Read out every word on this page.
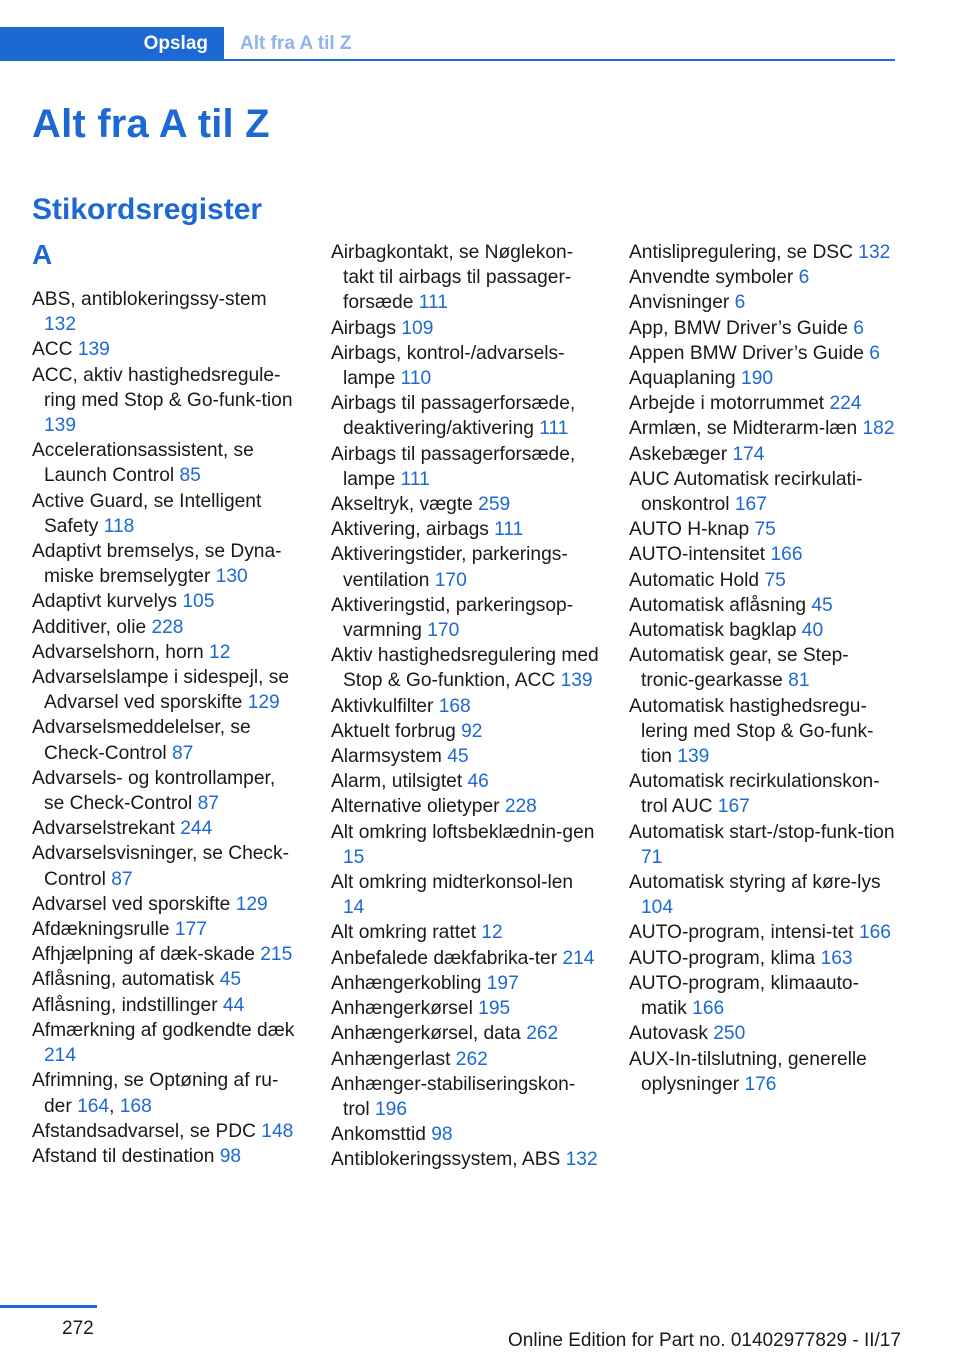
Opslag	Alt fra A til Z
Alt fra A til Z
Stikordsregister
A
ABS, antiblokeringssy-stem 132
ACC 139
ACC, aktiv hastighedsregule-ring med Stop & Go-funk-tion 139
Accelerationsassistent, se Launch Control 85
Active Guard, se Intelligent Safety 118
Adaptivt bremselys, se Dyna-miske bremselygter 130
Adaptivt kurvelys 105
Additiver, olie 228
Advarselshorn, horn 12
Advarselslampe i sidespejl, se Advarsel ved sporskifte 129
Advarselsmeddelelser, se Check-Control 87
Advarsels- og kontrollamper, se Check-Control 87
Advarselstrekant 244
Advarselsvisninger, se Check-Control 87
Advarsel ved sporskifte 129
Afdækningsrulle 177
Afhjælpning af dæk-skade 215
Aflåsning, automatisk 45
Aflåsning, indstillinger 44
Afmærkning af godkendte dæk 214
Afrimning, se Optøning af ru-der 164, 168
Afstandsadvarsel, se PDC 148
Afstand til destination 98
Airbagkontakt, se Nøglekon-takt til airbags til passager-forsæde 111
Airbags 109
Airbags, kontrol-/advarsels-lampe 110
Airbags til passagerforsæde, deaktivering/aktivering 111
Airbags til passagerforsæde, lampe 111
Akseltryk, vægte 259
Aktivering, airbags 111
Aktiveringstider, parkerings-ventilation 170
Aktiveringstid, parkeringsop-varmning 170
Aktiv hastighedsregulering med Stop & Go-funktion, ACC 139
Aktivkulfilter 168
Aktuelt forbrug 92
Alarmsystem 45
Alarm, utilsigtet 46
Alternative olietyper 228
Alt omkring loftsbeklædnin-gen 15
Alt omkring midterkonsol-len 14
Alt omkring rattet 12
Anbefalede dækfabrika-ter 214
Anhængerkobling 197
Anhængerkørsel 195
Anhængerkørsel, data 262
Anhængerlast 262
Anhænger-stabiliseringskon-trol 196
Ankomsttid 98
Antiblokeringssystem, ABS 132
Antislipregulering, se DSC 132
Anvendte symboler 6
Anvisninger 6
App, BMW Driver’s Guide 6
Appen BMW Driver’s Guide 6
Aquaplaning 190
Arbejde i motorrummet 224
Armlæn, se Midterarm-læn 182
Askebæger 174
AUC Automatisk recirkulati-onskontrol 167
AUTO H-knap 75
AUTO-intensitet 166
Automatic Hold 75
Automatisk aflåsning 45
Automatisk bagklap 40
Automatisk gear, se Step-tronic-gearkasse 81
Automatisk hastighedsregu-lering med Stop & Go-funk-tion 139
Automatisk recirkulationskon-trol AUC 167
Automatisk start-/stop-funk-tion 71
Automatisk styring af køre-lys 104
AUTO-program, intensi-tet 166
AUTO-program, klima 163
AUTO-program, klimaauto-matik 166
Autovask 250
AUX-In-tilslutning, generelle oplysninger 176
272
Online Edition for Part no. 01402977829 - II/17
